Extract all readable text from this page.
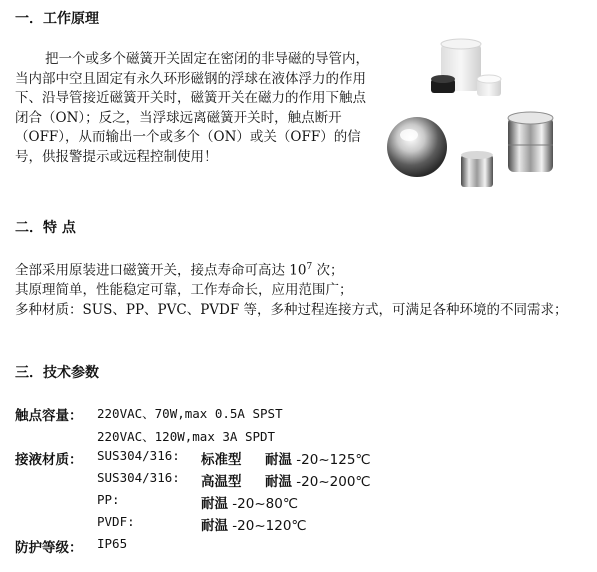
一．工作原理

把一个或多个磁簧开关固定在密闭的非导磁的导管内，当内部中空且固定有永久环形磁钢的浮球在液体浮力的作用下、沿导管接近磁簧开关时，磁簧开关在磁力的作用下触点闭合（ON）；反之，当浮球远离磁簧开关时，触点断开（OFF），从而输出一个或多个（ON）或关（OFF）的信号，供报警提示或远程控制使用！

二．特 点
全部采用原装进口磁簧开关，接点寿命可高达 $10^7$ 次；
其原理简单，性能稳定可靠，工作寿命长，应用范围广；
多种材质：SUS、PP、PVC、PVDF 等，多种过程连接方式，可满足各种环境的不同需求；
三．技术参数
触点容量： 220VAC、70W,max 0.5A SPST
220VAC、120W,max 3A SPDT
接液材质： SUS304/316: 标准型 耐温 -20~125℃
SUS304/316: 高温型 耐温 -20~200℃
PP:	耐温 -20~80℃
PVDF:	耐温 -20~120℃
防护等级： IP65
